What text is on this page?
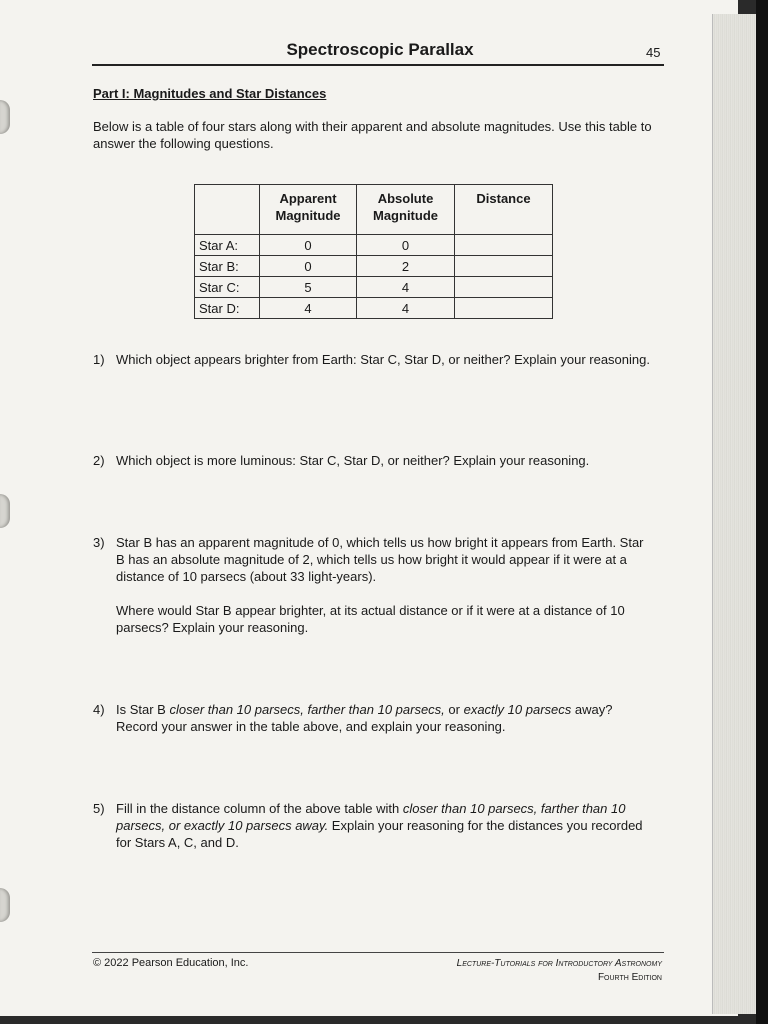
Spectroscopic Parallax	45
Part I: Magnitudes and Star Distances
Below is a table of four stars along with their apparent and absolute magnitudes. Use this table to answer the following questions.
	Apparent Magnitude	Absolute Magnitude	Distance
Star A:	0	0	
Star B:	0	2	
Star C:	5	4	
Star D:	4	4	
1) Which object appears brighter from Earth: Star C, Star D, or neither? Explain your reasoning.

2) Which object is more luminous: Star C, Star D, or neither? Explain your reasoning.

3) Star B has an apparent magnitude of 0, which tells us how bright it appears from Earth. Star B has an absolute magnitude of 2, which tells us how bright it would appear if it were at a distance of 10 parsecs (about 33 light-years).

Where would Star B appear brighter, at its actual distance or if it were at a distance of 10 parsecs? Explain your reasoning.

4) Is Star B closer than 10 parsecs, farther than 10 parsecs, or exactly 10 parsecs away? Record your answer in the table above, and explain your reasoning.

5) Fill in the distance column of the above table with closer than 10 parsecs, farther than 10 parsecs, or exactly 10 parsecs away. Explain your reasoning for the distances you recorded for Stars A, C, and D.

© 2022 Pearson Education, Inc.	Lecture-Tutorials for Introductory Astronomy
Fourth Edition
